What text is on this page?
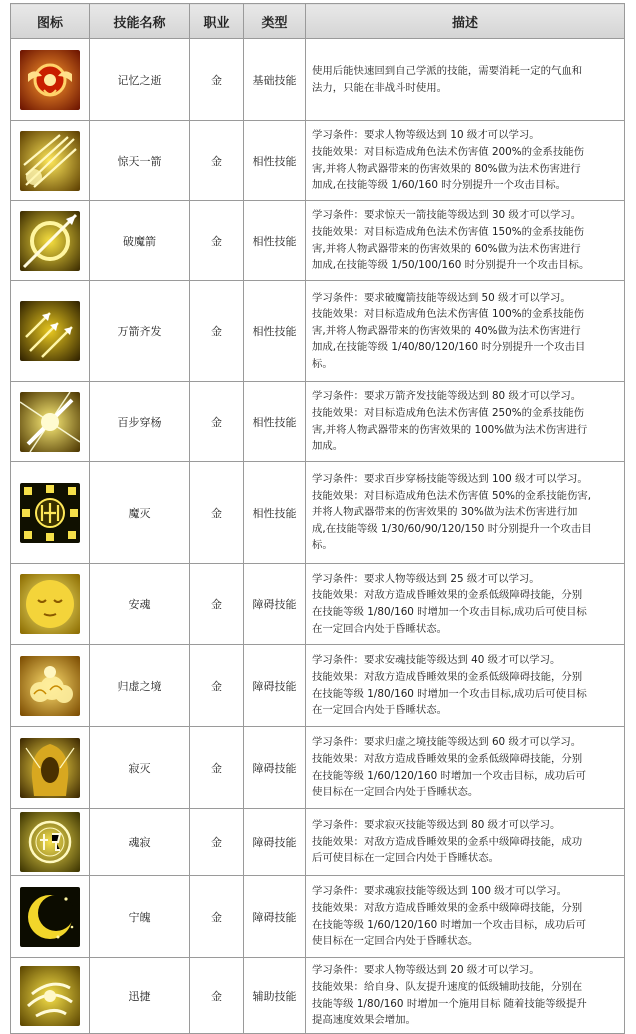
图标	技能名称	职业	类型	描述

	记忆之逝	金	基础技能	使用后能快速回到自己学派的技能，需要消耗一定的气血和
法力，只能在非战斗时使用。

	惊天一箭	金	相性技能	学习条件：要求人物等级达到 10 级才可以学习。
技能效果：对目标造成角色法术伤害值 200%的金系技能伤
害,并将人物武器带来的伤害效果的 80%做为法术伤害进行
加成,在技能等级 1/60/160 时分别提升一个攻击目标。

	破魔箭	金	相性技能	学习条件：要求惊天一箭技能等级达到 30 级才可以学习。
技能效果：对目标造成角色法术伤害值 150%的金系技能伤
害,并将人物武器带来的伤害效果的 60%做为法术伤害进行
加成,在技能等级 1/50/100/160 时分别提升一个攻击目标。

	万箭齐发	金	相性技能	学习条件：要求破魔箭技能等级达到 50 级才可以学习。
技能效果：对目标造成角色法术伤害值 100%的金系技能伤
害,并将人物武器带来的伤害效果的 40%做为法术伤害进行
加成,在技能等级 1/40/80/120/160 时分别提升一个攻击目
标。

	百步穿杨	金	相性技能	学习条件：要求万箭齐发技能等级达到 80 级才可以学习。
技能效果：对目标造成角色法术伤害值 250%的金系技能伤
害,并将人物武器带来的伤害效果的 100%做为法术伤害进行
加成。

	魔灭	金	相性技能	学习条件：要求百步穿杨技能等级达到 100 级才可以学习。
技能效果：对目标造成角色法术伤害值 50%的金系技能伤害,
并将人物武器带来的伤害效果的 30%做为法术伤害进行加
成,在技能等级 1/30/60/90/120/150 时分别提升一个攻击目
标。

	安魂	金	障碍技能	学习条件：要求人物等级达到 25 级才可以学习。
技能效果：对敌方造成昏睡效果的金系低级障碍技能，分别
在技能等级 1/80/160 时增加一个攻击目标,成功后可使目标
在一定回合内处于昏睡状态。

	归虚之境	金	障碍技能	学习条件：要求安魂技能等级达到 40 级才可以学习。
技能效果：对敌方造成昏睡效果的金系低级障碍技能，分别
在技能等级 1/80/160 时增加一个攻击目标,成功后可使目标
在一定回合内处于昏睡状态。

	寂灭	金	障碍技能	学习条件：要求归虚之境技能等级达到 60 级才可以学习。
技能效果：对敌方造成昏睡效果的金系低级障碍技能，分别
在技能等级 1/60/120/160 时增加一个攻击目标，成功后可
使目标在一定回合内处于昏睡状态。

	魂寂	金	障碍技能	学习条件：要求寂灭技能等级达到 80 级才可以学习。
技能效果：对敌方造成昏睡效果的金系中级障碍技能，成功
后可使目标在一定回合内处于昏睡状态。

	宁魄	金	障碍技能	学习条件：要求魂寂技能等级达到 100 级才可以学习。
技能效果：对敌方造成昏睡效果的金系中级障碍技能，分别
在技能等级 1/60/120/160 时增加一个攻击目标，成功后可
使目标在一定回合内处于昏睡状态。

	迅捷	金	辅助技能	学习条件：要求人物等级达到 20 级才可以学习。
技能效果：给自身、队友提升速度的低级辅助技能，分别在
技能等级 1/80/160 时增加一个施用目标 随着技能等级提升
提高速度效果会增加。
